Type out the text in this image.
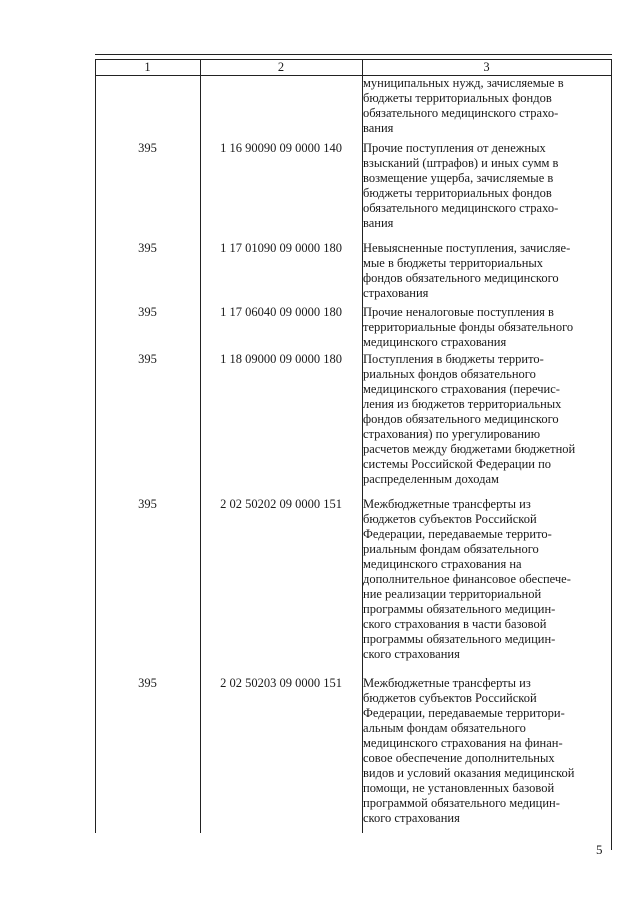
1	2	3
муниципальных нужд, зачисляемые в
бюджеты территориальных фондов
обязательного медицинского страхо-
вания
395	1 16 90090 09 0000 140	Прочие поступления от денежных
взысканий (штрафов) и иных сумм в
возмещение ущерба, зачисляемые в
бюджеты территориальных фондов
обязательного медицинского страхо-
вания
395	1 17 01090 09 0000 180	Невыясненные поступления, зачисляе-
мые в бюджеты территориальных
фондов обязательного медицинского
страхования
395	1 17 06040 09 0000 180	Прочие неналоговые поступления в
территориальные фонды обязательного
медицинского страхования
395	1 18 09000 09 0000 180	Поступления в бюджеты террито-
риальных фондов обязательного
медицинского страхования (перечис-
ления из бюджетов территориальных
фондов обязательного медицинского
страхования) по урегулированию
расчетов между бюджетами бюджетной
системы Российской Федерации по
распределенным доходам
395	2 02 50202 09 0000 151	Межбюджетные трансферты из
бюджетов субъектов Российской
Федерации, передаваемые террито-
риальным фондам обязательного
медицинского страхования на
дополнительное финансовое обеспече-
ние реализации территориальной
программы обязательного медицин-
ского страхования в части базовой
программы обязательного медицин-
ского страхования
395	2 02 50203 09 0000 151	Межбюджетные трансферты из
бюджетов субъектов Российской
Федерации, передаваемые территори-
альным фондам обязательного
медицинского страхования на финан-
совое обеспечение дополнительных
видов и условий оказания медицинской
помощи, не установленных базовой
программой обязательного медицин-
ского страхования
5
